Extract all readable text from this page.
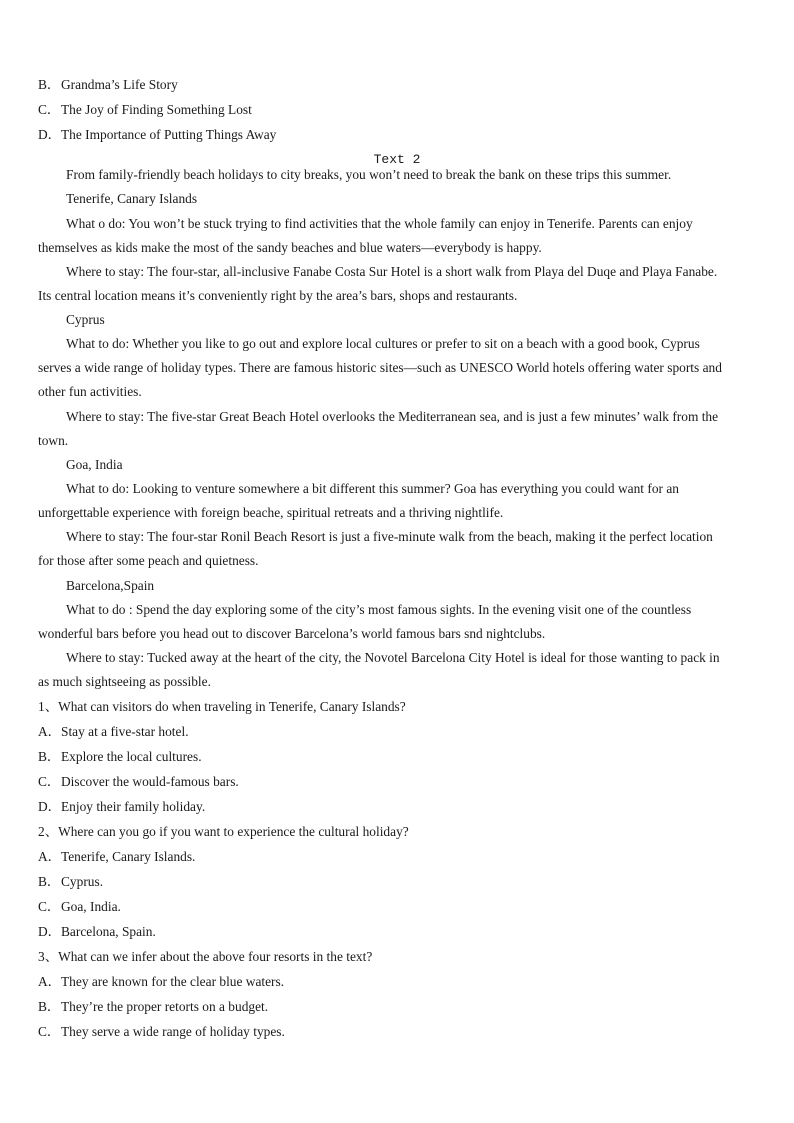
B．Grandma’s Life Story
C．The Joy of Finding Something Lost
D．The Importance of Putting Things Away
Text 2
From family-friendly beach holidays to city breaks, you won’t need to break the bank on these trips this summer.
Tenerife, Canary Islands
What o do: You won’t be stuck trying to find activities that the whole family can enjoy in Tenerife. Parents can enjoy
themselves as kids make the most of the sandy beaches and blue waters—everybody is happy.
Where to stay: The four-star, all-inclusive Fanabe Costa Sur Hotel is a short walk from Playa del Duqe and Playa Fanabe.
Its central location means it’s conveniently right by the area’s bars, shops and restaurants.
Cyprus
What to do: Whether you like to go out and explore local cultures or prefer to sit on a beach with a good book, Cyprus
serves a wide range of holiday types. There are famous historic sites—such as UNESCO World hotels offering water sports and
other fun activities.
Where to stay: The five-star Great Beach Hotel overlooks the Mediterranean sea, and is just a few minutes’ walk from the
town.
Goa, India
What to do: Looking to venture somewhere a bit different this summer? Goa has everything you could want for an
unforgettable experience with foreign beache, spiritual retreats and a thriving nightlife.
Where to stay: The four-star Ronil Beach Resort is just a five-minute walk from the beach, making it the perfect location
for those after some peach and quietness.
Barcelona,Spain
What to do : Spend the day exploring some of the city’s most famous sights. In the evening visit one of the countless
wonderful bars before you head out to discover Barcelona’s world famous bars snd nightclubs.
Where to stay: Tucked away at the heart of the city, the Novotel Barcelona City Hotel is ideal for those wanting to pack in
as much sightseeing as possible.
1、What can visitors do when traveling in Tenerife, Canary Islands?
A．Stay at a five-star hotel.
B．Explore the local cultures.
C．Discover the would-famous bars.
D．Enjoy their family holiday.
2、Where can you go if you want to experience the cultural holiday?
A．Tenerife, Canary Islands.
B．Cyprus.
C．Goa, India.
D．Barcelona, Spain.
3、What can we infer about the above four resorts in the text?
A．They are known for the clear blue waters.
B．They’re the proper retorts on a budget.
C．They serve a wide range of holiday types.
